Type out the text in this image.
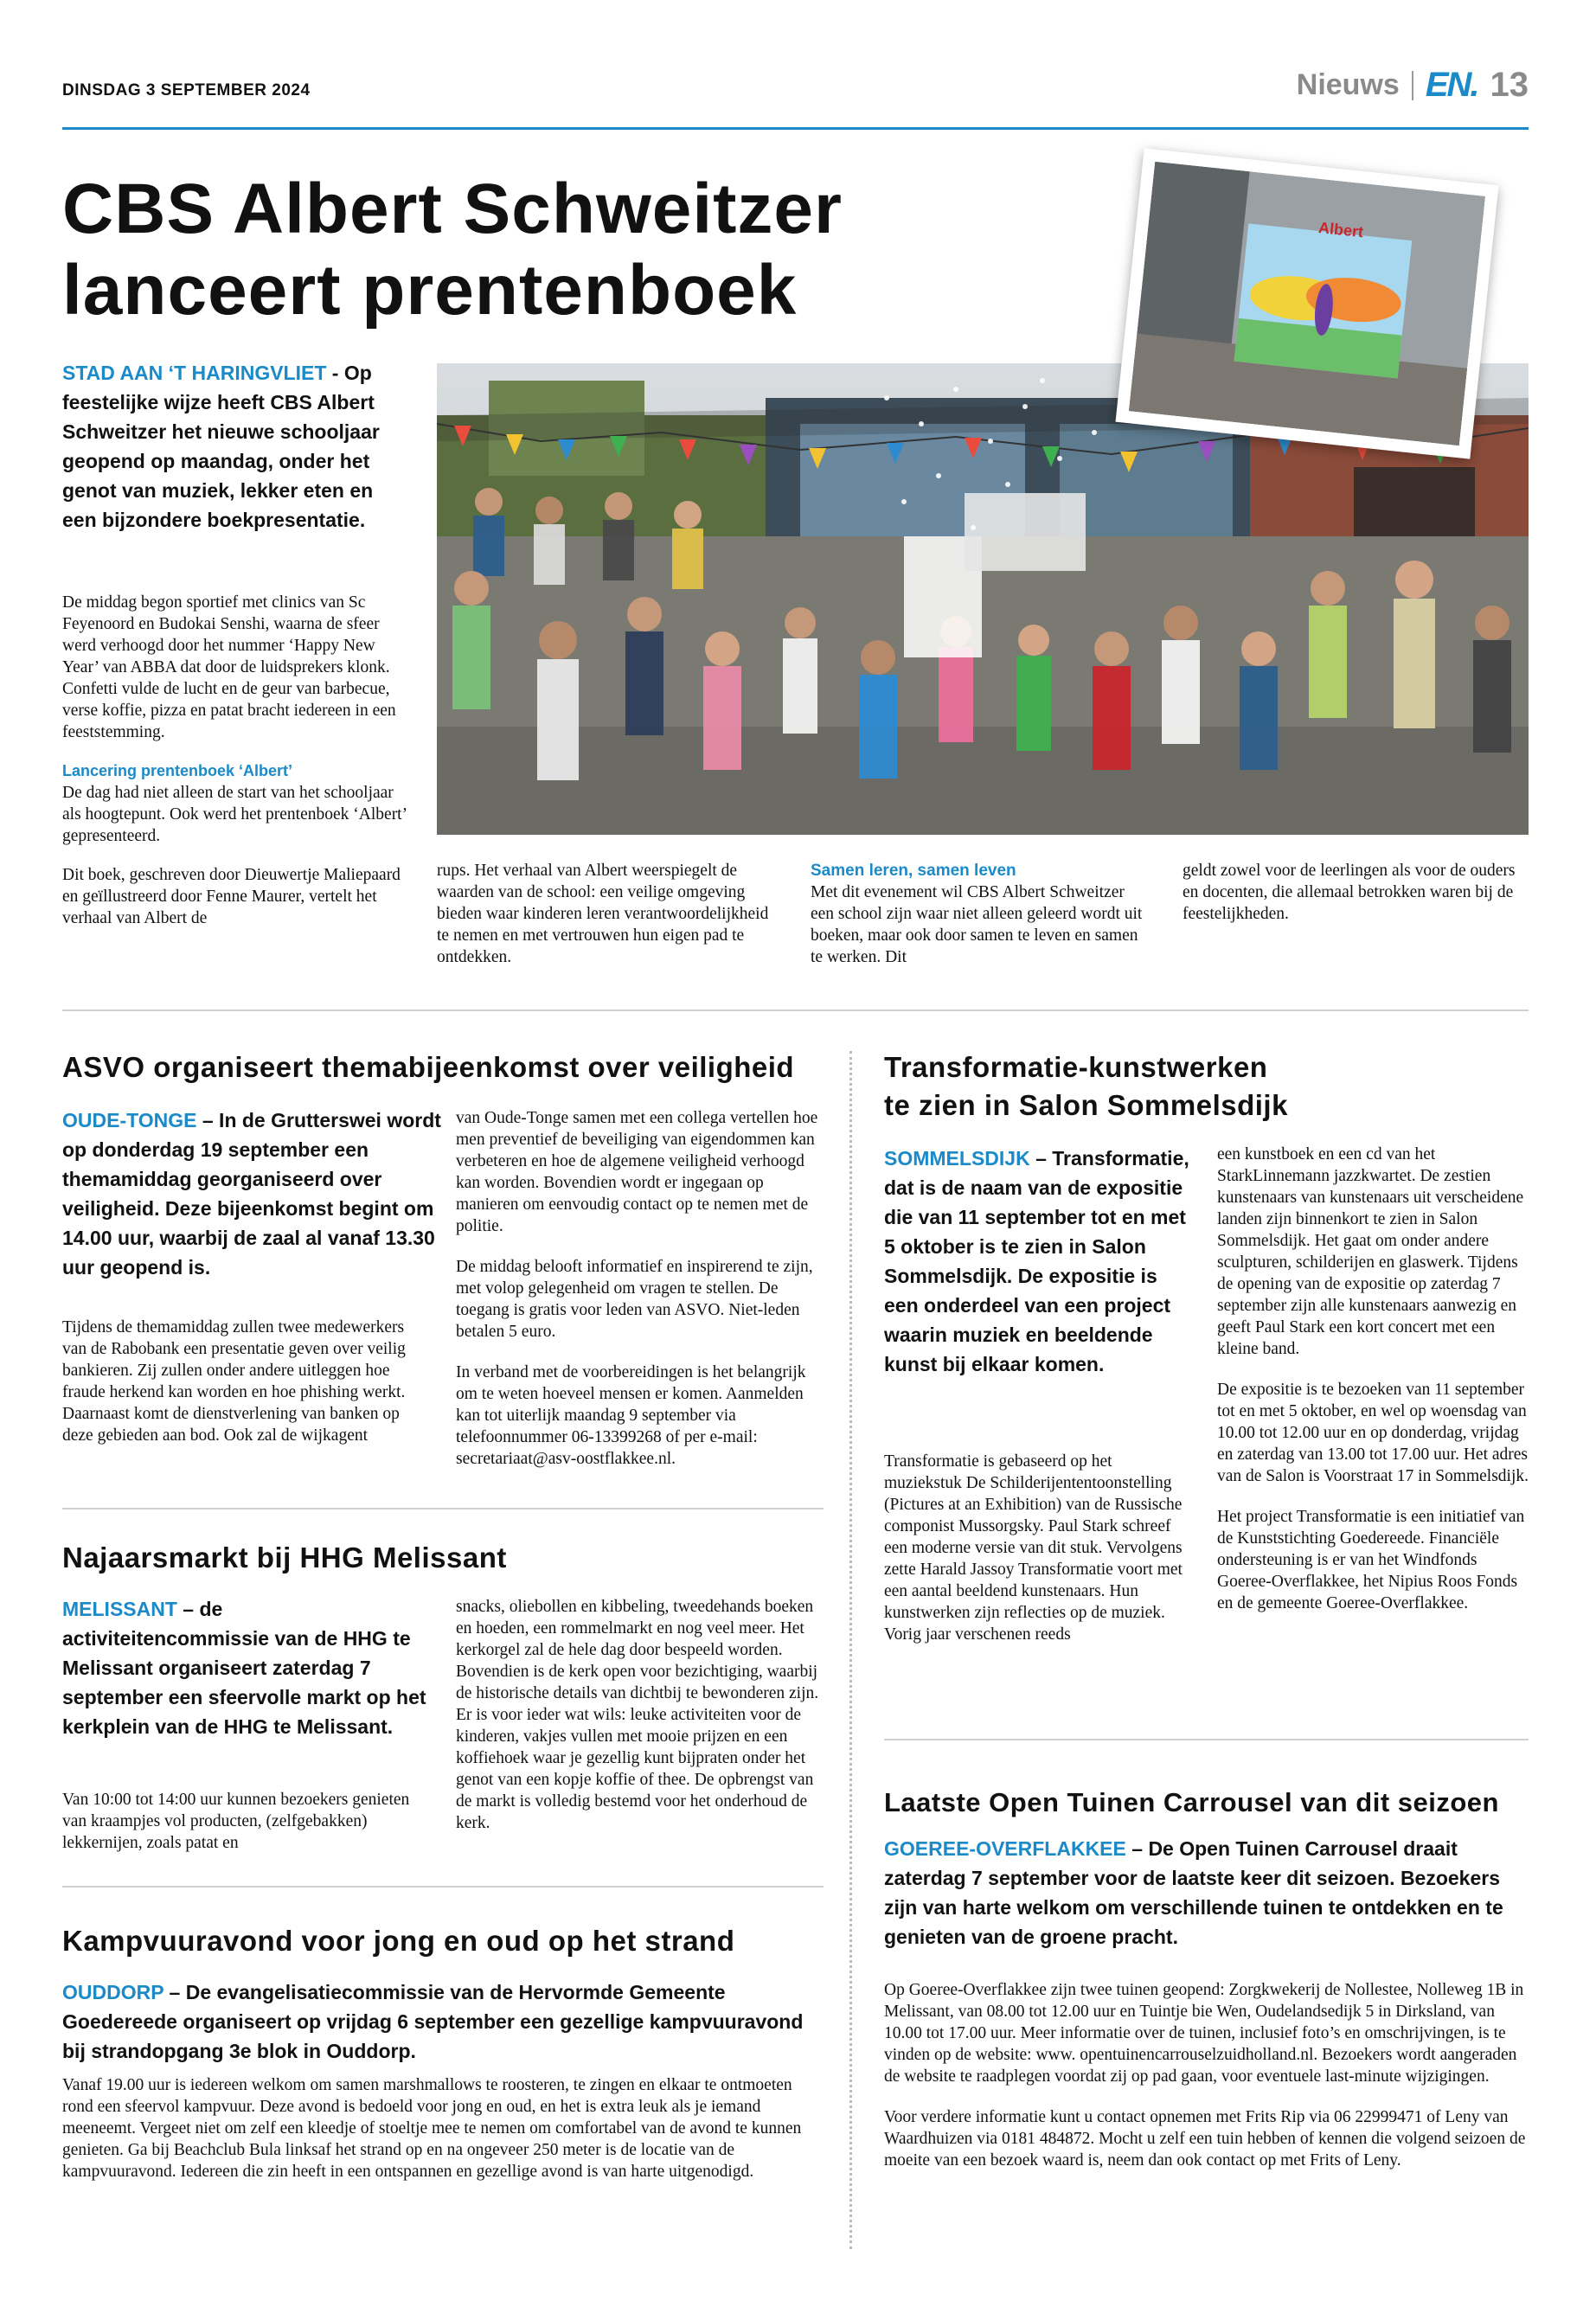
DINSDAG 3 SEPTEMBER 2024	Nieuws EN. 13
CBS Albert Schweitzer
lanceert prentenboek
STAD AAN ‘T HARINGVLIET - Op feestelijke wijze heeft CBS Albert Schweitzer het nieuwe schooljaar geopend op maandag, onder het genot van muziek, lekker eten en een bijzondere boekpresentatie.

De middag begon sportief met clinics van Sc Feyenoord en Budokai Senshi, waarna de sfeer werd verhoogd door het nummer ‘Happy New Year’ van ABBA dat door de luidsprekers klonk. Confetti vulde de lucht en de geur van barbecue, verse koffie, pizza en patat bracht iedereen in een feeststemming.

Lancering prentenboek ‘Albert’

De dag had niet alleen de start van het schooljaar als hoogtepunt. Ook werd het prentenboek ‘Albert’ gepresenteerd.

Dit boek, geschreven door Dieuwertje Maliepaard en geïllustreerd door Fenne Maurer, vertelt het verhaal van Albert de

Albert
rups. Het verhaal van Albert weerspiegelt de waarden van de school: een veilige omgeving bieden waar kinderen leren verantwoordelijkheid te nemen en met vertrouwen hun eigen pad te ontdekken.

Samen leren, samen leven

Met dit evenement wil CBS Albert Schweitzer een school zijn waar niet alleen geleerd wordt uit boeken, maar ook door samen te leven en samen te werken. Dit

geldt zowel voor de leerlingen als voor de ouders en docenten, die allemaal betrokken waren bij de feestelijkheden.
ASVO organiseert themabijeenkomst over veiligheid
OUDE-TONGE – In de Grutterswei wordt op donderdag 19 september een themamiddag georganiseerd over veiligheid. Deze bijeenkomst begint om 14.00 uur, waarbij de zaal al vanaf 13.30 uur geopend is.
Tijdens de themamiddag zullen twee medewerkers van de Rabobank een presentatie geven over veilig bankieren. Zij zullen onder andere uitleggen hoe fraude herkend kan worden en hoe phishing werkt. Daarnaast komt de dienstverlening van banken op deze gebieden aan bod. Ook zal de wijkagent

van Oude-Tonge samen met een collega vertellen hoe men preventief de beveiliging van eigendommen kan verbeteren en hoe de algemene veiligheid verhoogd kan worden. Bovendien wordt er ingegaan op manieren om eenvoudig contact op te nemen met de politie.

De middag belooft informatief en inspirerend te zijn, met volop gelegenheid om vragen te stellen. De toegang is gratis voor leden van ASVO. Niet-leden betalen 5 euro.

In verband met de voorbereidingen is het belangrijk om te weten hoeveel mensen er komen. Aanmelden kan tot uiterlijk maandag 9 september via telefoonnummer 06-13399268 of per e-mail: secretariaat@asv-oostflakkee.nl.

Najaarsmarkt bij HHG Melissant
MELISSANT – de activiteitencommissie van de HHG te Melissant organiseert zaterdag 7 september een sfeervolle markt op het kerkplein van de HHG te Melissant.
Van 10:00 tot 14:00 uur kunnen bezoekers genieten van kraampjes vol producten, (zelfgebakken) lekkernijen, zoals patat en
snacks, oliebollen en kibbeling, tweedehands boeken en hoeden, een rommelmarkt en nog veel meer. Het kerkorgel zal de hele dag door bespeeld worden. Bovendien is de kerk open voor bezichtiging, waarbij de historische details van dichtbij te bewonderen zijn. Er is voor ieder wat wils: leuke activiteiten voor de kinderen, vakjes vullen met mooie prijzen en een koffiehoek waar je gezellig kunt bijpraten onder het genot van een kopje koffie of thee. De opbrengst van de markt is volledig bestemd voor het onderhoud de kerk.
Kampvuuravond voor jong en oud op het strand
OUDDORP – De evangelisatiecommissie van de Hervormde Gemeente Goedereede organiseert op vrijdag 6 september een gezellige kampvuuravond bij strandopgang 3e blok in Ouddorp.
Vanaf 19.00 uur is iedereen welkom om samen marshmallows te roosteren, te zingen en elkaar te ontmoeten rond een sfeervol kampvuur. Deze avond is bedoeld voor jong en oud, en het is extra leuk als je iemand meeneemt. Vergeet niet om zelf een kleedje of stoeltje mee te nemen om comfortabel van de avond te kunnen genieten. Ga bij Beachclub Bula linksaf het strand op en na ongeveer 250 meter is de locatie van de kampvuuravond. Iedereen die zin heeft in een ontspannen en gezellige avond is van harte uitgenodigd.
Transformatie-kunstwerken
te zien in Salon Sommelsdijk
SOMMELSDIJK – Transformatie, dat is de naam van de expositie die van 11 september tot en met 5 oktober is te zien in Salon Sommelsdijk. De expositie is een onderdeel van een project waarin muziek en beeldende kunst bij elkaar komen.
Transformatie is gebaseerd op het muziekstuk De Schilderijententoonstelling (Pictures at an Exhibition) van de Russische componist Mussorgsky. Paul Stark schreef een moderne versie van dit stuk. Vervolgens zette Harald Jassoy Transformatie voort met een aantal beeldend kunstenaars. Hun kunstwerken zijn reflecties op de muziek. Vorig jaar verschenen reeds

een kunstboek en een cd van het StarkLinnemann jazzkwartet. De zestien kunstenaars van kunstenaars uit verscheidene landen zijn binnenkort te zien in Salon Sommelsdijk. Het gaat om onder andere sculpturen, schilderijen en glaswerk. Tijdens de opening van de expositie op zaterdag 7 september zijn alle kunstenaars aanwezig en geeft Paul Stark een kort concert met een kleine band.

De expositie is te bezoeken van 11 september tot en met 5 oktober, en wel op woensdag van 10.00 tot 12.00 uur en op donderdag, vrijdag en zaterdag van 13.00 tot 17.00 uur. Het adres van de Salon is Voorstraat 17 in Sommelsdijk.

Het project Transformatie is een initiatief van de Kunststichting Goedereede. Financiële ondersteuning is er van het Windfonds Goeree-Overflakkee, het Nipius Roos Fonds en de gemeente Goeree-Overflakkee.

Laatste Open Tuinen Carrousel van dit seizoen
GOEREE-OVERFLAKKEE – De Open Tuinen Carrousel draait zaterdag 7 september voor de laatste keer dit seizoen. Bezoekers zijn van harte welkom om verschillende tuinen te ontdekken en te genieten van de groene pracht.

Op Goeree-Overflakkee zijn twee tuinen geopend: Zorgkwekerij de Nollestee, Nolleweg 1B in Melissant, van 08.00 tot 12.00 uur en Tuintje bie Wen, Oudelandsedijk 5 in Dirksland, van 10.00 tot 17.00 uur. Meer informatie over de tuinen, inclusief foto’s en omschrijvingen, is te vinden op de website: www. opentuinencarrouselzuidholland.nl. Bezoekers wordt aangeraden de website te raadplegen voordat zij op pad gaan, voor eventuele last-minute wijzigingen.

Voor verdere informatie kunt u contact opnemen met Frits Rip via 06 22999471 of Leny van Waardhuizen via 0181 484872. Mocht u zelf een tuin hebben of kennen die volgend seizoen de moeite van een bezoek waard is, neem dan ook contact op met Frits of Leny.
